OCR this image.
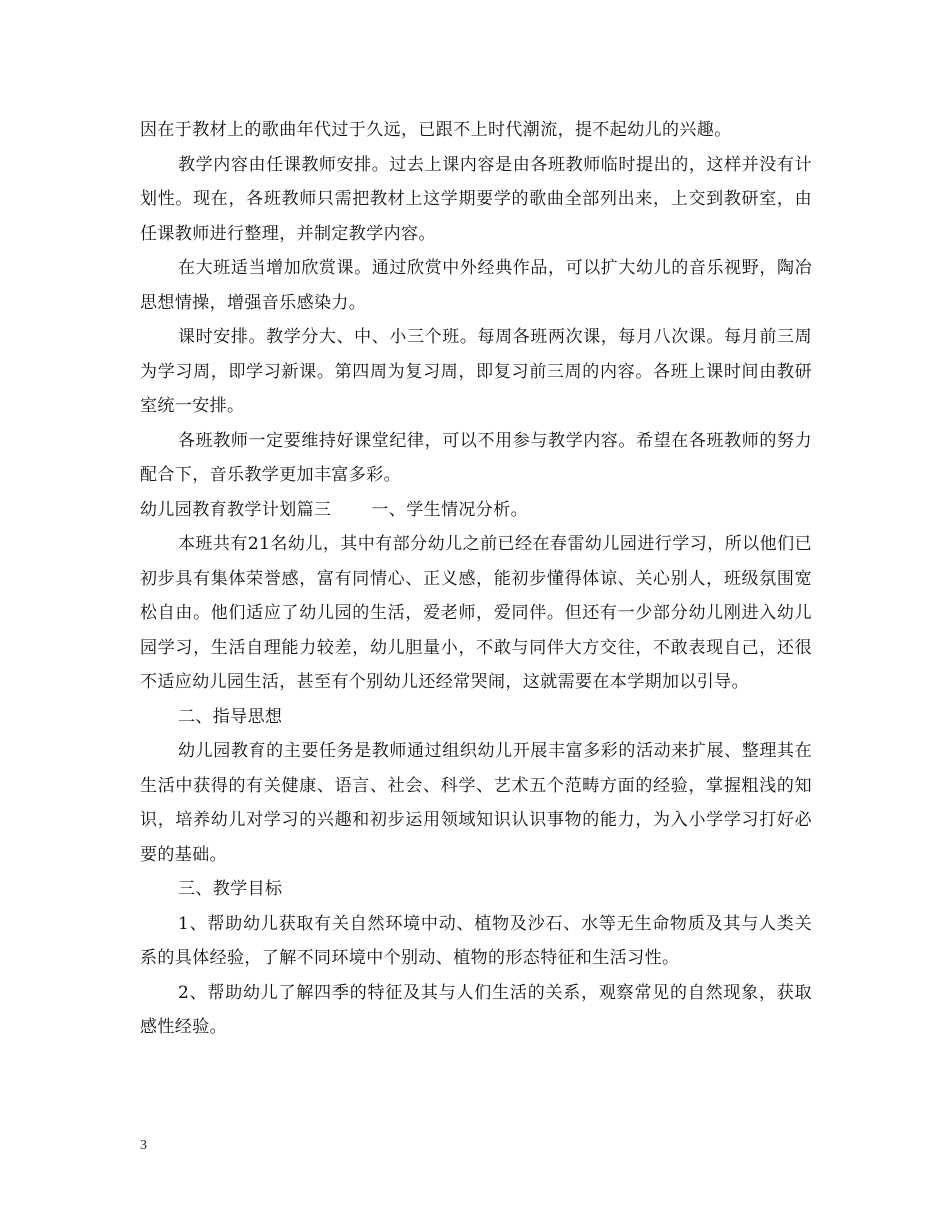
因在于教材上的歌曲年代过于久远，已跟不上时代潮流，提不起幼儿的兴趣。

教学内容由任课教师安排。过去上课内容是由各班教师临时提出的，这样并没有计划性。现在，各班教师只需把教材上这学期要学的歌曲全部列出来，上交到教研室，由任课教师进行整理，并制定教学内容。

在大班适当增加欣赏课。通过欣赏中外经典作品，可以扩大幼儿的音乐视野，陶冶思想情操，增强音乐感染力。

课时安排。教学分大、中、小三个班。每周各班两次课，每月八次课。每月前三周为学习周，即学习新课。第四周为复习周，即复习前三周的内容。各班上课时间由教研室统一安排。

各班教师一定要维持好课堂纪律，可以不用参与教学内容。希望在各班教师的努力配合下，音乐教学更加丰富多彩。

幼儿园教育教学计划篇三 一、学生情况分析。

本班共有21名幼儿，其中有部分幼儿之前已经在春雷幼儿园进行学习，所以他们已初步具有集体荣誉感，富有同情心、正义感，能初步懂得体谅、关心别人，班级氛围宽松自由。他们适应了幼儿园的生活，爱老师，爱同伴。但还有一少部分幼儿刚进入幼儿园学习，生活自理能力较差，幼儿胆量小，不敢与同伴大方交往，不敢表现自己，还很不适应幼儿园生活，甚至有个别幼儿还经常哭闹，这就需要在本学期加以引导。

二、指导思想

幼儿园教育的主要任务是教师通过组织幼儿开展丰富多彩的活动来扩展、整理其在生活中获得的有关健康、语言、社会、科学、艺术五个范畴方面的经验，掌握粗浅的知识，培养幼儿对学习的兴趣和初步运用领域知识认识事物的能力，为入小学学习打好必要的基础。

三、教学目标

1、帮助幼儿获取有关自然环境中动、植物及沙石、水等无生命物质及其与人类关系的具体经验，了解不同环境中个别动、植物的形态特征和生活习性。

2、帮助幼儿了解四季的特征及其与人们生活的关系，观察常见的自然现象，获取感性经验。

3
